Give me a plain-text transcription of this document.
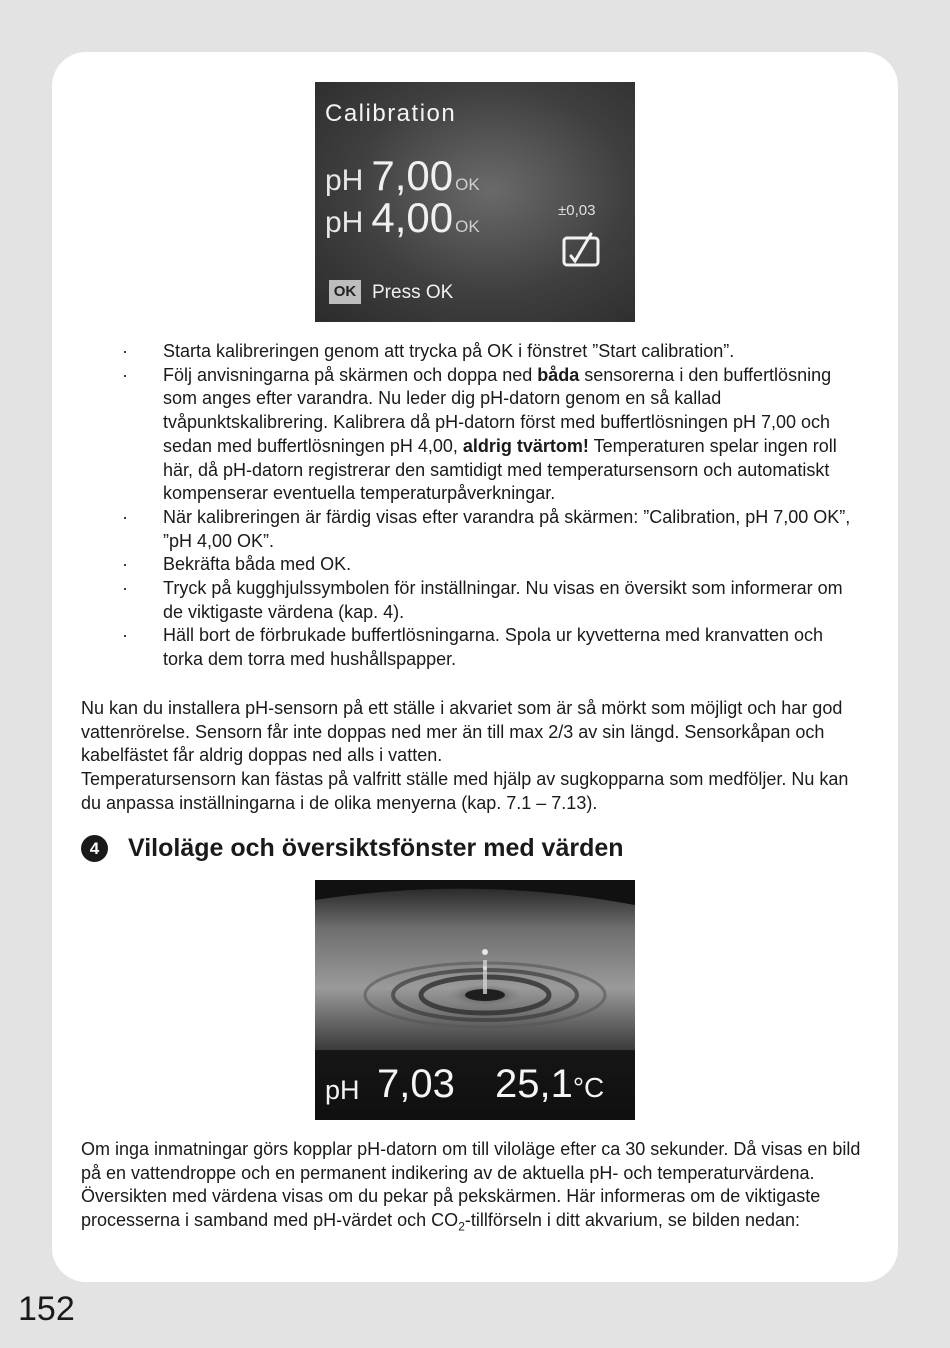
Calibration
pH 7,00 OK
pH 4,00 OK
±0,03
OK Press OK
· Starta kalibreringen genom att trycka på OK i fönstret ”Start calibration”.
· Följ anvisningarna på skärmen och doppa ned båda sensorerna i den buffertlösning som anges efter varandra. Nu leder dig pH-datorn genom en så kallad tvåpunktskalibrering. Kalibrera då pH-datorn först med buffertlösningen pH 7,00 och sedan med buffertlösningen pH 4,00, aldrig tvärtom! Temperaturen spelar ingen roll här, då pH-datorn registrerar den samtidigt med temperatursensorn och automatiskt kompenserar eventuella temperaturpåverkningar.
· När kalibreringen är färdig visas efter varandra på skärmen: ”Calibration, pH 7,00 OK”, ”pH 4,00 OK”.
· Bekräfta båda med OK.
· Tryck på kugghjulssymbolen för inställningar. Nu visas en översikt som informerar om de viktigaste värdena (kap. 4).
· Häll bort de förbrukade buffertlösningarna. Spola ur kyvetterna med kranvatten och torka dem torra med hushållspapper.

Nu kan du installera pH-sensorn på ett ställe i akvariet som är så mörkt som möjligt och har god vattenrörelse. Sensorn får inte doppas ned mer än till max 2/3 av sin längd. Sensorkåpan och kabelfästet får aldrig doppas ned alls i vatten.

Temperatursensorn kan fästas på valfritt ställe med hjälp av sugkopparna som medföljer. Nu kan du anpassa inställningarna i de olika menyerna (kap. 7.1 – 7.13).

4 Viloläge och översiktsfönster med värden
pH 7,03 25,1°C

Om inga inmatningar görs kopplar pH-datorn om till viloläge efter ca 30 sekunder. Då visas en bild på en vattendroppe och en permanent indikering av de aktuella pH- och temperaturvärdena. Översikten med värdena visas om du pekar på pekskärmen. Här informeras om de viktigaste processerna i samband med pH-värdet och $CO_2$-tillförseln i ditt akvarium, se bilden nedan:

152
